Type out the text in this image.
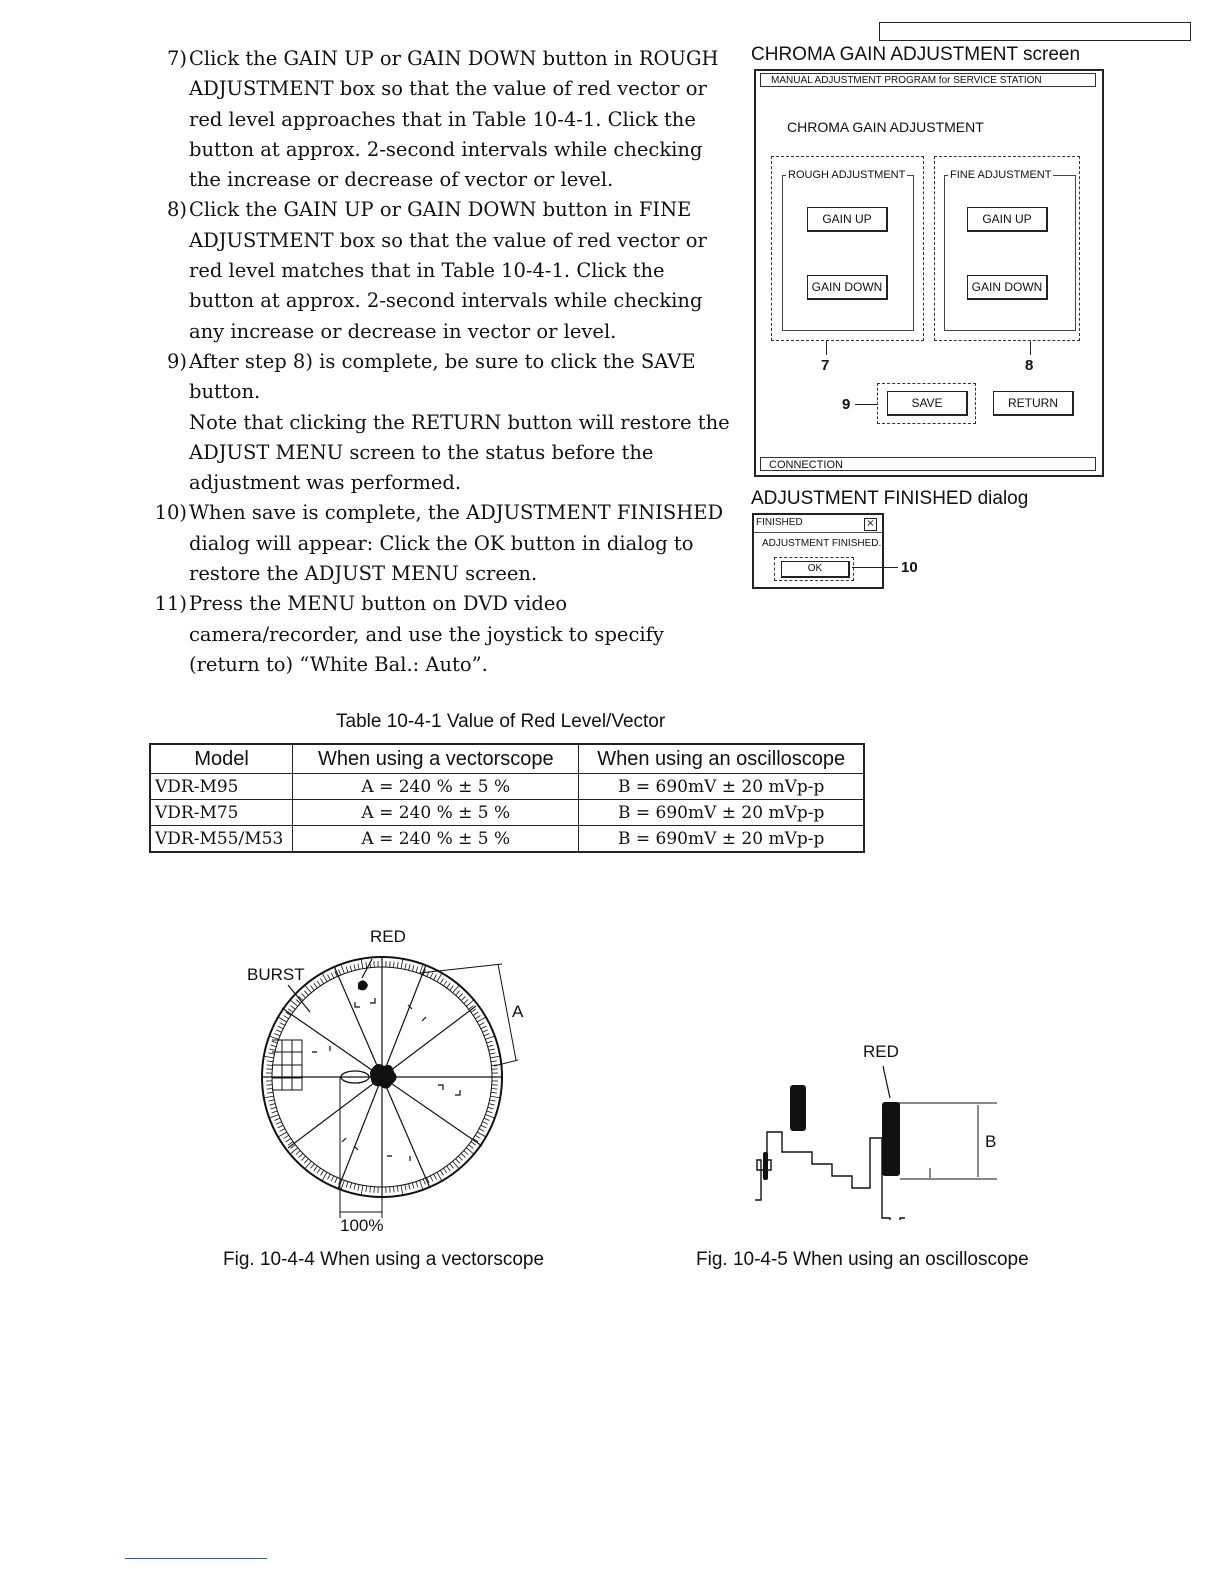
7) Click the GAIN UP or GAIN DOWN button in ROUGH ADJUSTMENT box so that the value of red vector or red level approaches that in Table 10-4-1. Click the button at approx. 2-second intervals while checking the increase or decrease of vector or level.
8) Click the GAIN UP or GAIN DOWN button in FINE ADJUSTMENT box so that the value of red vector or red level matches that in Table 10-4-1. Click the button at approx. 2-second intervals while checking any increase or decrease in vector or level.
9) After step 8) is complete, be sure to click the SAVE button.
Note that clicking the RETURN button will restore the ADJUST MENU screen to the status before the adjustment was performed.
10) When save is complete, the ADJUSTMENT FINISHED dialog will appear: Click the OK button in dialog to restore the ADJUST MENU screen.
11) Press the MENU button on DVD video camera/recorder, and use the joystick to specify (return to) “White Bal.: Auto”.
CHROMA GAIN ADJUSTMENT screen
MANUAL ADJUSTMENT PROGRAM for SERVICE STATION
CHROMA GAIN ADJUSTMENT
ROUGH ADJUSTMENT
GAIN UP
GAIN DOWN
FINE ADJUSTMENT
GAIN UP
GAIN DOWN
7	8
SAVE	RETURN
9
CONNECTION
ADJUSTMENT FINISHED dialog
FINISHED	×
ADJUSTMENT FINISHED.
OK	10
Table 10-4-1 Value of Red Level/Vector
Model	When using a vectorscope	When using an oscilloscope
VDR-M95	A = 240 % ± 5 %	B = 690mV ± 20 mVp-p
VDR-M75	A = 240 % ± 5 %	B = 690mV ± 20 mVp-p
VDR-M55/M53	A = 240 % ± 5 %	B = 690mV ± 20 mVp-p
RED
BURST
A
100%
Fig. 10-4-4 When using a vectorscope
RED
B
Fig. 10-4-5 When using an oscilloscope
